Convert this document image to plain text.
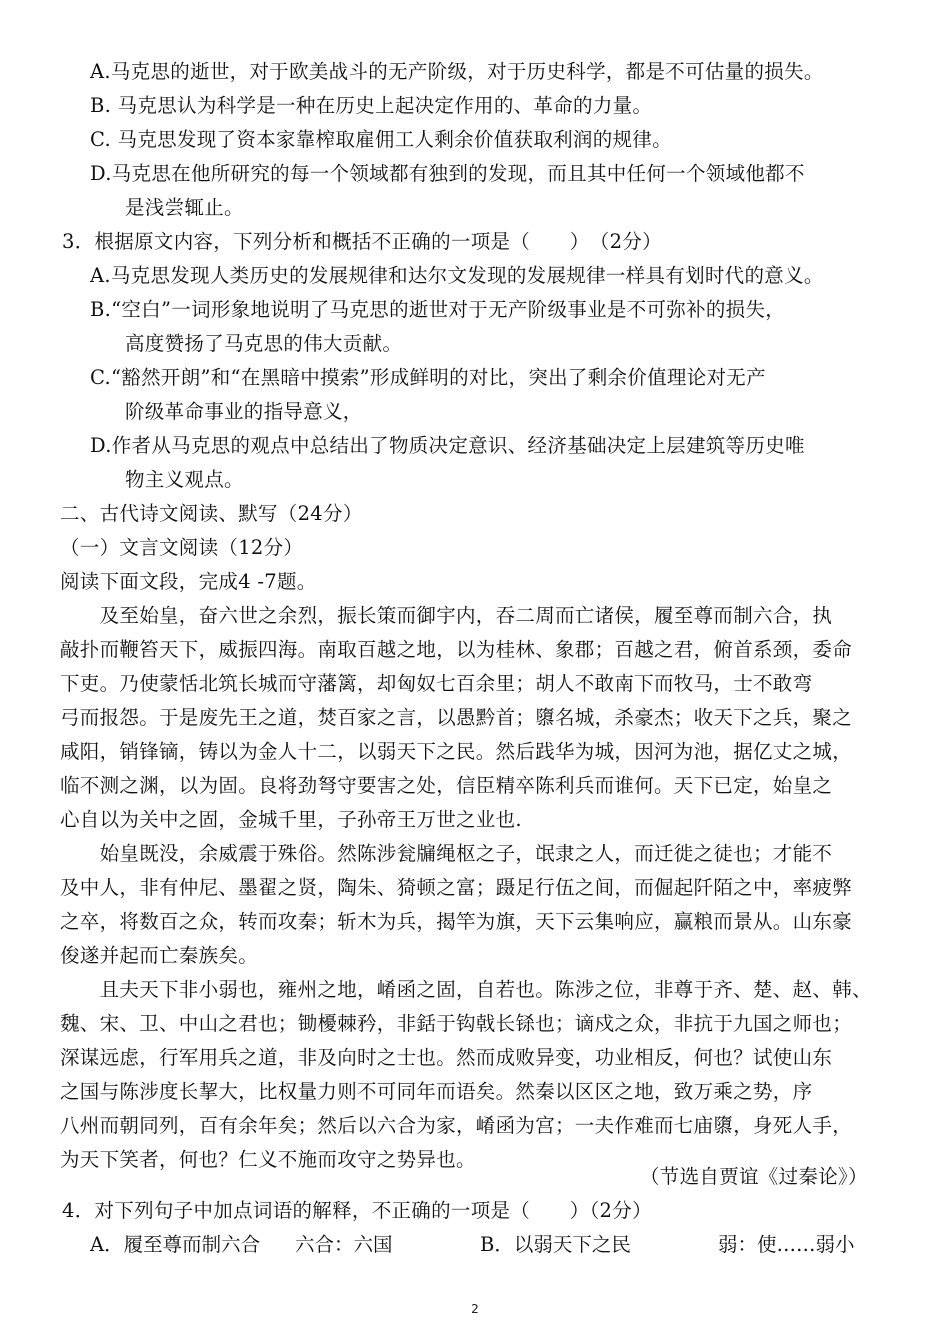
A.马克思的逝世，对于欧美战斗的无产阶级，对于历史科学，都是不可估量的损失。
B. 马克思认为科学是一种在历史上起决定作用的、革命的力量。
C. 马克思发现了资本家靠榨取雇佣工人剩余价值获取利润的规律。
D.马克思在他所研究的每一个领域都有独到的发现，而且其中任何一个领域他都不
是浅尝辄止。
3．根据原文内容，下列分析和概括不正确的一项是（　　）　（2分）
A.马克思发现人类历史的发展规律和达尔文发现的发展规律一样具有划时代的意义。
B.“空白”一词形象地说明了马克思的逝世对于无产阶级事业是不可弥补的损失，
高度赞扬了马克思的伟大贡献。
C.“豁然开朗”和“在黑暗中摸索”形成鲜明的对比，突出了剩余价值理论对无产
阶级革命事业的指导意义，
D.作者从马克思的观点中总结出了物质决定意识、经济基础决定上层建筑等历史唯
物主义观点。
二、古代诗文阅读、默写（24分）
（一）文言文阅读（12分）
阅读下面文段，完成4 -7题。
　　及至始皇，奋六世之余烈，振长策而御宇内，吞二周而亡诸侯，履至尊而制六合，执
敲扑而鞭笞天下，威振四海。南取百越之地，以为桂林、象郡；百越之君，俯首系颈，委命
下吏。乃使蒙恬北筑长城而守藩篱，却匈奴七百余里；胡人不敢南下而牧马，士不敢弯
弓而报怨。于是废先王之道，焚百家之言，以愚黔首；隳名城，杀豪杰；收天下之兵，聚之
咸阳，销锋镝，铸以为金人十二，以弱天下之民。然后践华为城，因河为池，据亿丈之城，
临不测之渊，以为固。良将劲弩守要害之处，信臣精卒陈利兵而谁何。天下已定，始皇之
心自以为关中之固，金城千里，子孙帝王万世之业也.
　　始皇既没，余威震于殊俗。然陈涉瓮牖绳枢之子，氓隶之人，而迁徙之徒也；才能不
及中人，非有仲尼、墨翟之贤，陶朱、猗顿之富；蹑足行伍之间，而倔起阡陌之中，率疲弊
之卒，将数百之众，转而攻秦；斩木为兵，揭竿为旗，天下云集响应，赢粮而景从。山东豪
俊遂并起而亡秦族矣。
　　且夫天下非小弱也，雍州之地，崤函之固，自若也。陈涉之位，非尊于齐、楚、赵、韩、
魏、宋、卫、中山之君也；锄櫌棘矜，非銛于钩戟长铩也；谪戍之众，非抗于九国之师也；
深谋远虑，行军用兵之道，非及向时之士也。然而成败异变，功业相反，何也？试使山东
之国与陈涉度长挈大，比权量力则不可同年而语矣。然秦以区区之地，致万乘之势，序
八州而朝同列，百有余年矣；然后以六合为家，崤函为宫；一夫作难而七庙隳，身死人手，
为天下笑者，何也？仁义不施而攻守之势异也。
（节选自贾谊《过秦论》）
4．对下列句子中加点词语的解释，不正确的一项是（　　）（2分）
A．履至尊而制六合 六合：六国	B．以弱天下之民	弱：使……弱小
2
